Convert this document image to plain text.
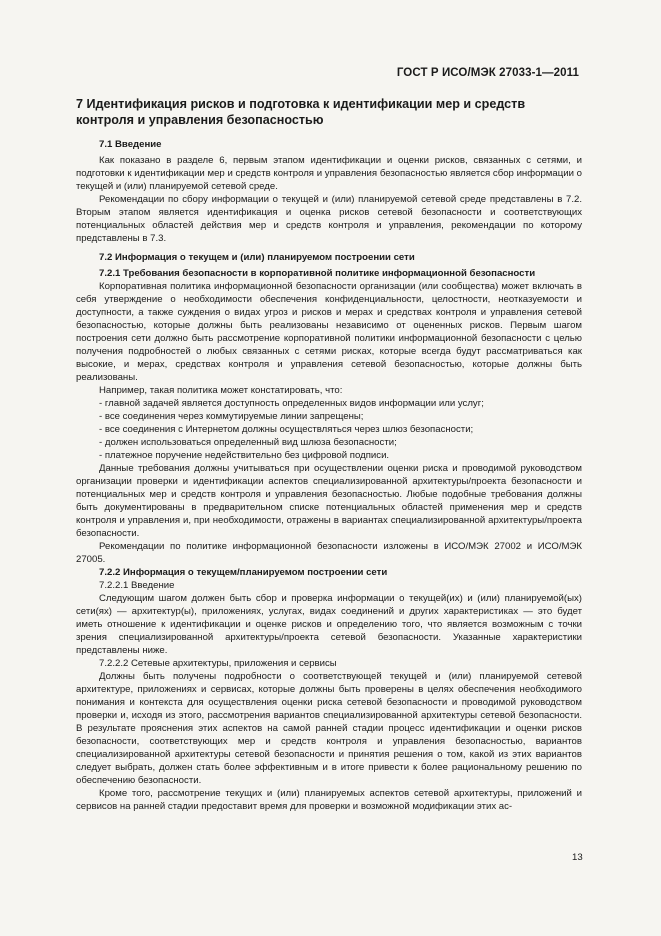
ГОСТ Р ИСО/МЭК 27033-1—2011
7 Идентификация рисков и подготовка к идентификации мер и средств контроля и управления безопасностью

7.1 Введение

Как показано в разделе 6, первым этапом идентификации и оценки рисков, связанных с сетями, и подготовки к идентификации мер и средств контроля и управления безопасностью является сбор информации о текущей и (или) планируемой сетевой среде.

Рекомендации по сбору информации о текущей и (или) планируемой сетевой среде представлены в 7.2. Вторым этапом является идентификация и оценка рисков сетевой безопасности и соответствующих потенциальных областей действия мер и средств контроля и управления, рекомендации по которому представлены в 7.3.

7.2 Информация о текущем и (или) планируемом построении сети

7.2.1 Требования безопасности в корпоративной политике информационной безопасности

Корпоративная политика информационной безопасности организации (или сообщества) может включать в себя утверждение о необходимости обеспечения конфиденциальности, целостности, неотказуемости и доступности, а также суждения о видах угроз и рисков и мерах и средствах контроля и управления сетевой безопасностью, которые должны быть реализованы независимо от оцененных рисков. Первым шагом построения сети должно быть рассмотрение корпоративной политики информационной безопасности с целью получения подробностей о любых связанных с сетями рисках, которые всегда будут рассматриваться как высокие, и мерах, средствах контроля и управления сетевой безопасностью, которые должны быть реализованы.

Например, такая политика может констатировать, что:

- главной задачей является доступность определенных видов информации или услуг;
- все соединения через коммутируемые линии запрещены;
- все соединения с Интернетом должны осуществляться через шлюз безопасности;
- должен использоваться определенный вид шлюза безопасности;
- платежное поручение недействительно без цифровой подписи.

Данные требования должны учитываться при осуществлении оценки риска и проводимой руководством организации проверки и идентификации аспектов специализированной архитектуры/проекта безопасности и потенциальных мер и средств контроля и управления безопасностью. Любые подобные требования должны быть документированы в предварительном списке потенциальных областей применения мер и средств контроля и управления и, при необходимости, отражены в вариантах специализированной архитектуры/проекта безопасности.

Рекомендации по политике информационной безопасности изложены в ИСО/МЭК 27002 и ИСО/МЭК 27005.

7.2.2 Информация о текущем/планируемом построении сети

7.2.2.1 Введение

Следующим шагом должен быть сбор и проверка информации о текущей(их) и (или) планируемой(ых) сети(ях) — архитектур(ы), приложениях, услугах, видах соединений и других характеристиках — это будет иметь отношение к идентификации и оценке рисков и определению того, что является возможным с точки зрения специализированной архитектуры/проекта сетевой безопасности. Указанные характеристики представлены ниже.

7.2.2.2 Сетевые архитектуры, приложения и сервисы

Должны быть получены подробности о соответствующей текущей и (или) планируемой сетевой архитектуре, приложениях и сервисах, которые должны быть проверены в целях обеспечения необходимого понимания и контекста для осуществления оценки риска сетевой безопасности и проводимой руководством проверки и, исходя из этого, рассмотрения вариантов специализированной архитектуры сетевой безопасности. В результате прояснения этих аспектов на самой ранней стадии процесс идентификации и оценки рисков безопасности, соответствующих мер и средств контроля и управления безопасностью, вариантов специализированной архитектуры сетевой безопасности и принятия решения о том, какой из этих вариантов следует выбрать, должен стать более эффективным и в итоге привести к более рациональному решению по обеспечению безопасности.

Кроме того, рассмотрение текущих и (или) планируемых аспектов сетевой архитектуры, приложений и сервисов на ранней стадии предоставит время для проверки и возможной модификации этих ас-

13
